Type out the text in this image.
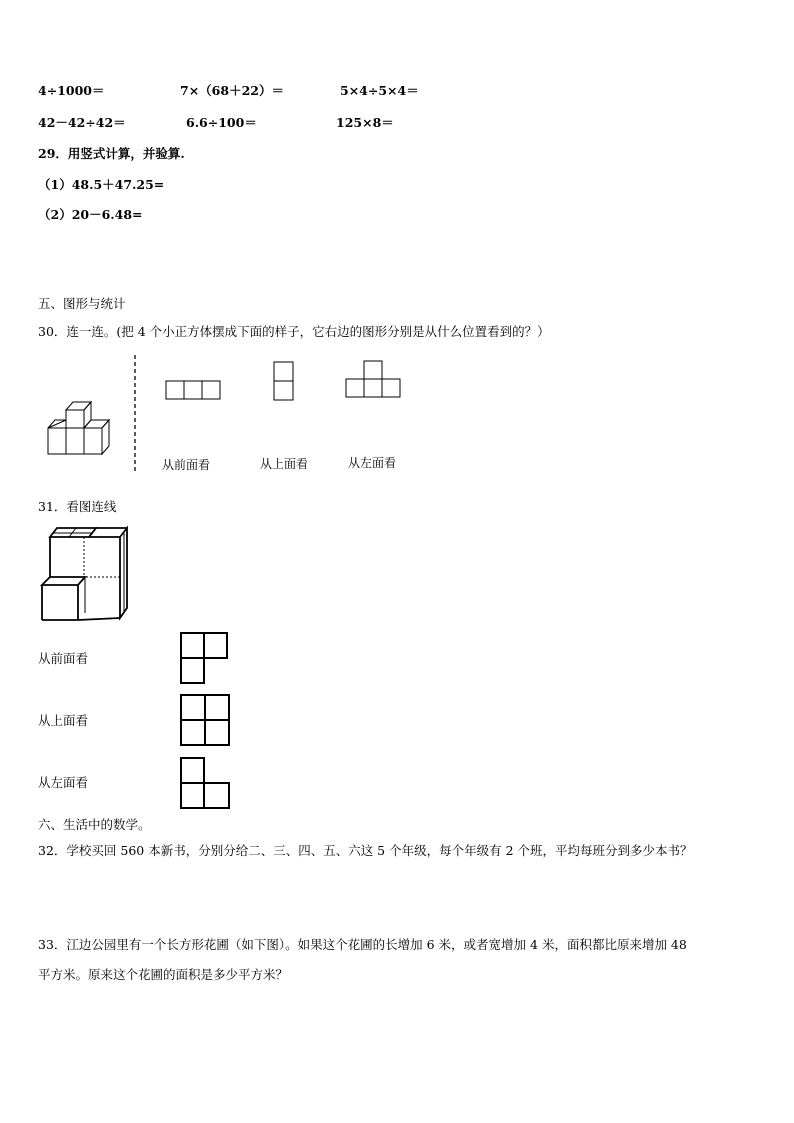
4÷1000＝	7×（68＋22）＝	5×4÷5×4＝
42－42÷42＝	6.6÷100＝	125×8＝
29．用竖式计算，并验算.
（1）48.5＋47.25=
（2）20－6.48=
五、图形与统计
30．连一连。(把 4 个小正方体摆成下面的样子，它右边的图形分别是从什么位置看到的？）
从前面看	从上面看	从左面看
31．看图连线
从前面看
从上面看
从左面看
六、生活中的数学。
32．学校买回 560 本新书，分别分给二、三、四、五、六这 5 个年级，每个年级有 2 个班，平均每班分到多少本书？
33．江边公园里有一个长方形花圃（如下图）。如果这个花圃的长增加 6 米，或者宽增加 4 米，面积都比原来增加 48
平方米。原来这个花圃的面积是多少平方米？
